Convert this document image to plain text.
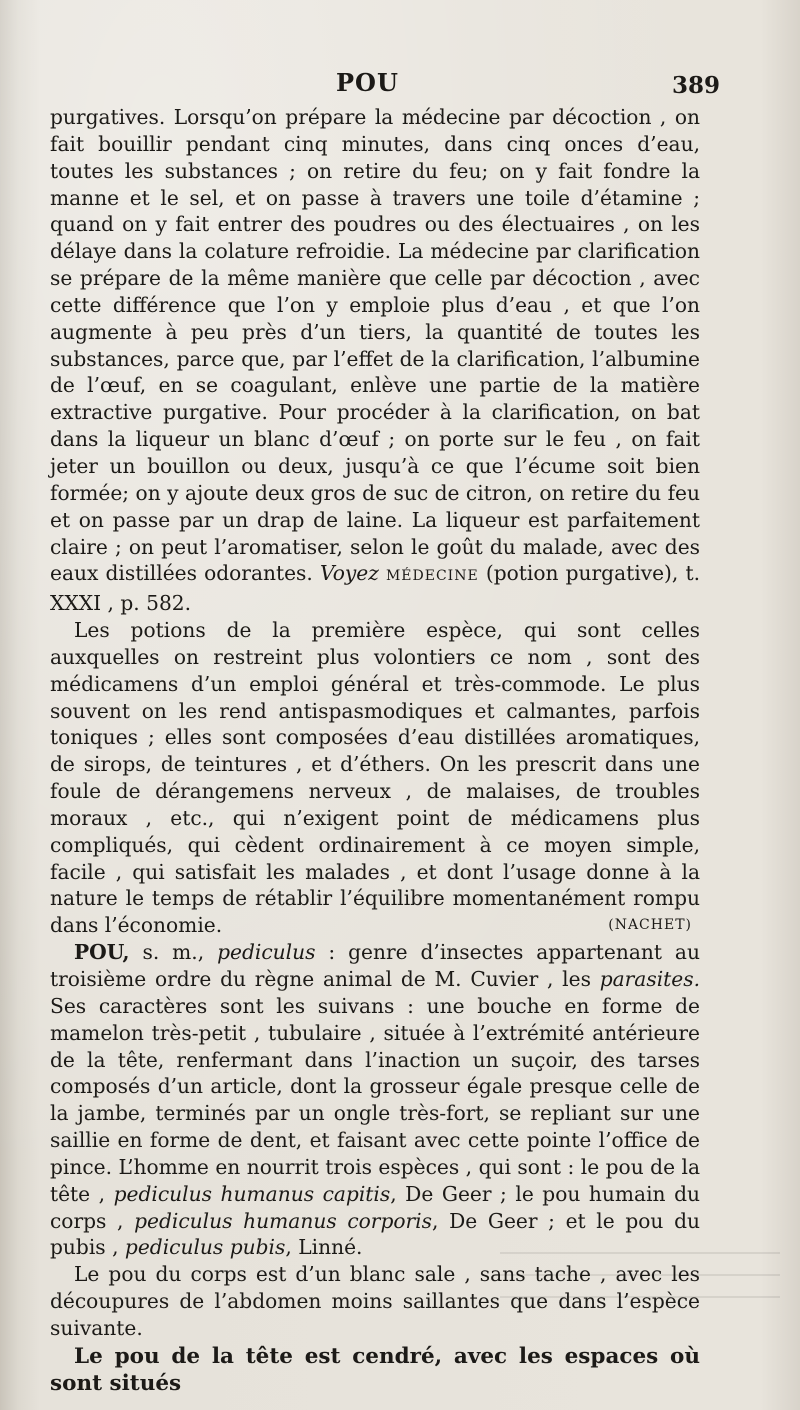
POU	389

purgatives. Lorsqu’on prépare la médecine par décoction , on fait bouillir pendant cinq minutes, dans cinq onces d’eau, toutes les substances ; on retire du feu; on y fait fondre la manne et le sel, et on passe à travers une toile d’étamine ; quand on y fait entrer des poudres ou des électuaires , on les délaye dans la colature refroidie. La médecine par clarification se prépare de la même manière que celle par décoction , avec cette différence que l’on y emploie plus d’eau , et que l’on augmente à peu près d’un tiers, la quantité de toutes les substances, parce que, par l’effet de la clarification, l’albumine de l’œuf, en se coagulant, enlève une partie de la matière extractive purgative. Pour procéder à la clarification, on bat dans la liqueur un blanc d’œuf ; on porte sur le feu , on fait jeter un bouillon ou deux, jusqu’à ce que l’écume soit bien formée; on y ajoute deux gros de suc de citron, on retire du feu et on passe par un drap de laine. La liqueur est parfaitement claire ; on peut l’aromatiser, selon le goût du malade, avec des eaux distillées odorantes. Voyez MÉDECINE (potion purgative), t. XXXI , p. 582.

Les potions de la première espèce, qui sont celles auxquelles on restreint plus volontiers ce nom , sont des médicamens d’un emploi général et très-commode. Le plus souvent on les rend antispasmodiques et calmantes, parfois toniques ; elles sont composées d’eau distillées aromatiques, de sirops, de teintures , et d’éthers. On les prescrit dans une foule de dérangemens nerveux , de malaises, de troubles moraux , etc., qui n’exigent point de médicamens plus compliqués, qui cèdent ordinairement à ce moyen simple, facile , qui satisfait les malades , et dont l’usage donne à la nature le temps de rétablir l’équilibre momentanément rompu dans l’économie.	(NACHET)

POU, s. m., pediculus : genre d’insectes appartenant au troisième ordre du règne animal de M. Cuvier , les parasites. Ses caractères sont les suivans : une bouche en forme de mamelon très-petit , tubulaire , située à l’extrémité antérieure de la tête, renfermant dans l’inaction un suçoir, des tarses composés d’un article, dont la grosseur égale presque celle de la jambe, terminés par un ongle très-fort, se repliant sur une saillie en forme de dent, et faisant avec cette pointe l’office de pince. L’homme en nourrit trois espèces , qui sont : le pou de la tête , pediculus humanus capitis, De Geer ; le pou humain du corps , pediculus humanus corporis, De Geer ; et le pou du pubis , pediculus pubis, Linné.

Le pou du corps est d’un blanc sale , sans tache , avec les découpures de l’abdomen moins saillantes que dans l’espèce suivante.

Le pou de la tête est cendré, avec les espaces où sont situés
